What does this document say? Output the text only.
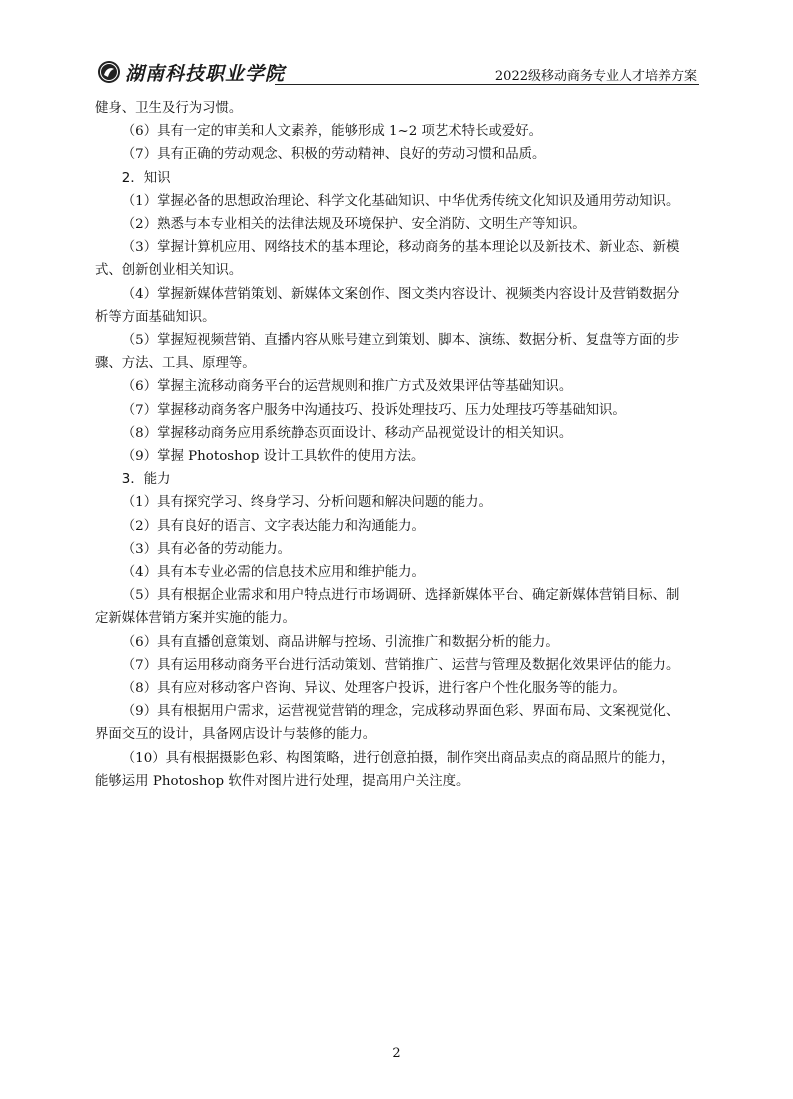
湖南科技职业学院	2022级移动商务专业人才培养方案

健身、卫生及行为习惯。

（6）具有一定的审美和人文素养，能够形成 1~2 项艺术特长或爱好。

（7）具有正确的劳动观念、积极的劳动精神、良好的劳动习惯和品质。

2．知识

（1）掌握必备的思想政治理论、科学文化基础知识、中华优秀传统文化知识及通用劳动知识。

（2）熟悉与本专业相关的法律法规及环境保护、安全消防、文明生产等知识。

（3）掌握计算机应用、网络技术的基本理论，移动商务的基本理论以及新技术、新业态、新模

式、创新创业相关知识。

（4）掌握新媒体营销策划、新媒体文案创作、图文类内容设计、视频类内容设计及营销数据分

析等方面基础知识。

（5）掌握短视频营销、直播内容从账号建立到策划、脚本、演练、数据分析、复盘等方面的步

骤、方法、工具、原理等。

（6）掌握主流移动商务平台的运营规则和推广方式及效果评估等基础知识。

（7）掌握移动商务客户服务中沟通技巧、投诉处理技巧、压力处理技巧等基础知识。

（8）掌握移动商务应用系统静态页面设计、移动产品视觉设计的相关知识。

（9）掌握 Photoshop 设计工具软件的使用方法。

3．能力

（1）具有探究学习、终身学习、分析问题和解决问题的能力。

（2）具有良好的语言、文字表达能力和沟通能力。

（3）具有必备的劳动能力。

（4）具有本专业必需的信息技术应用和维护能力。

（5）具有根据企业需求和用户特点进行市场调研、选择新媒体平台、确定新媒体营销目标、制

定新媒体营销方案并实施的能力。

（6）具有直播创意策划、商品讲解与控场、引流推广和数据分析的能力。

（7）具有运用移动商务平台进行活动策划、营销推广、运营与管理及数据化效果评估的能力。

（8）具有应对移动客户咨询、异议、处理客户投诉，进行客户个性化服务等的能力。

（9）具有根据用户需求，运营视觉营销的理念，完成移动界面色彩、界面布局、文案视觉化、

界面交互的设计，具备网店设计与装修的能力。

（10）具有根据摄影色彩、构图策略，进行创意拍摄，制作突出商品卖点的商品照片的能力，

能够运用 Photoshop 软件对图片进行处理，提高用户关注度。

2
